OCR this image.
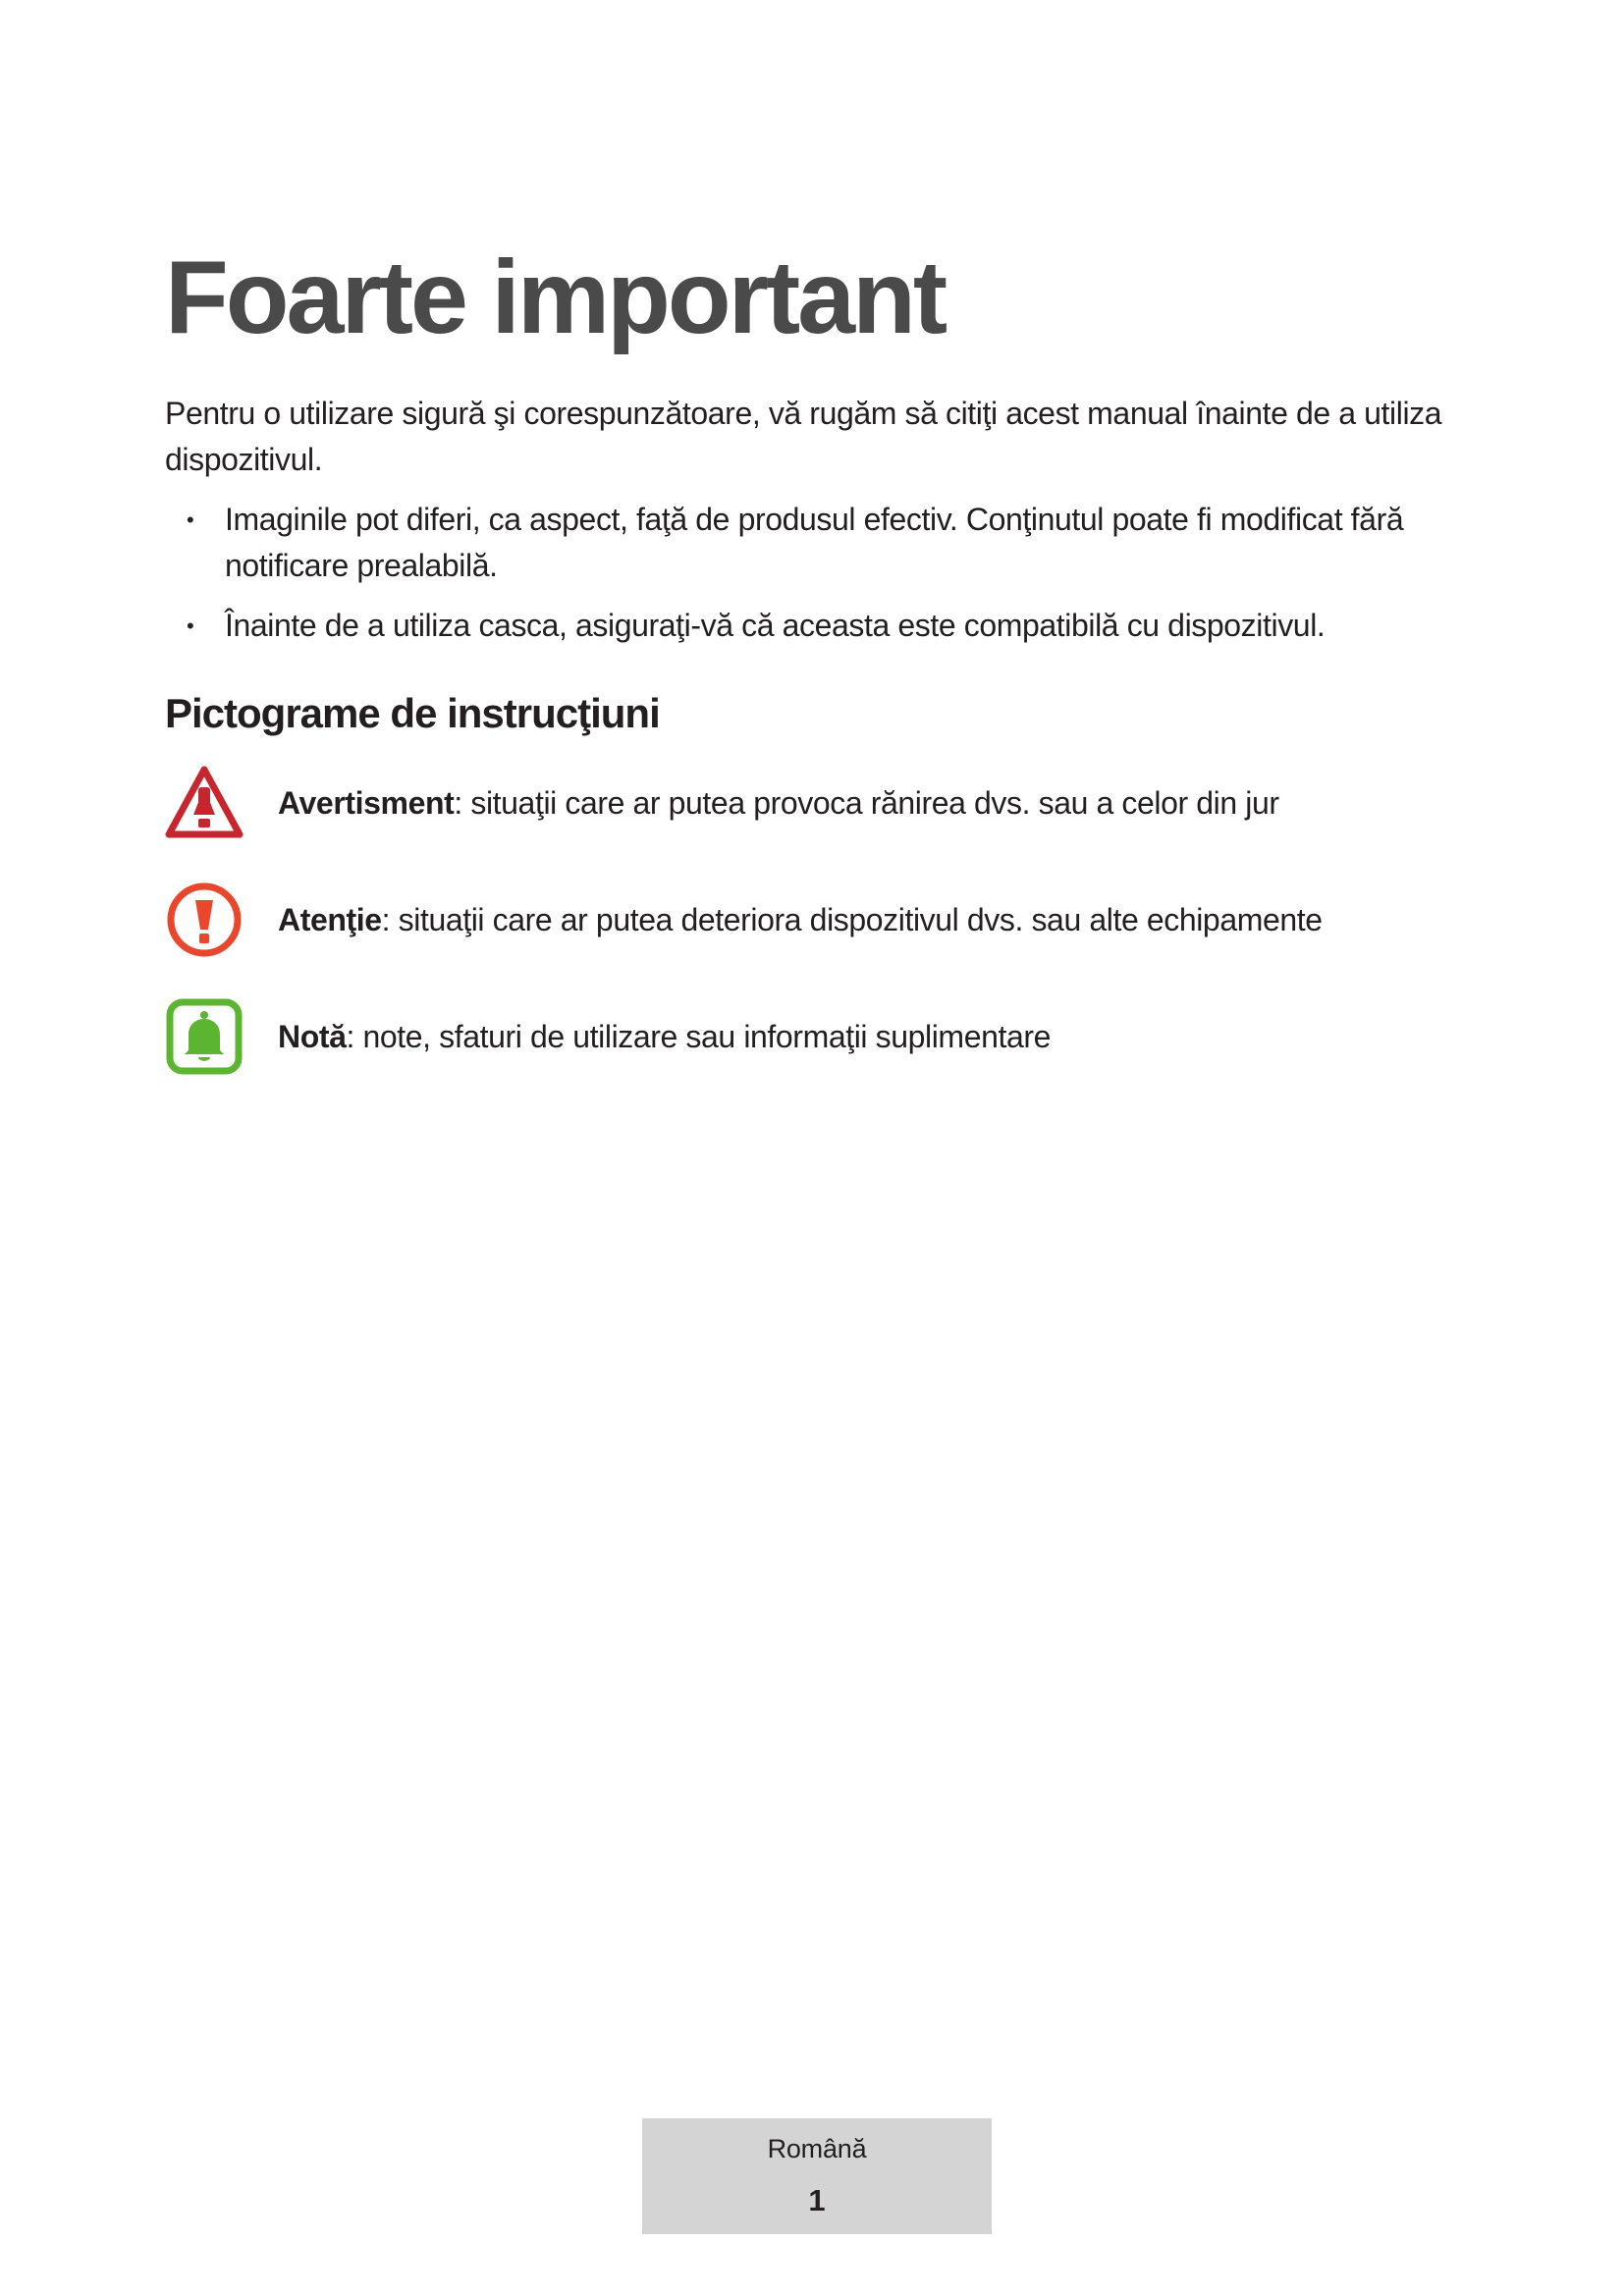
Foarte important

Pentru o utilizare sigură şi corespunzătoare, vă rugăm să citiţi acest manual înainte de a utiliza dispozitivul.

• Imaginile pot diferi, ca aspect, faţă de produsul efectiv. Conţinutul poate fi modificat fără notificare prealabilă.
• Înainte de a utiliza casca, asiguraţi-vă că aceasta este compatibilă cu dispozitivul.
Pictograme de instrucţiuni
Avertisment: situaţii care ar putea provoca rănirea dvs. sau a celor din jur
Atenţie: situaţii care ar putea deteriora dispozitivul dvs. sau alte echipamente
Notă: note, sfaturi de utilizare sau informaţii suplimentare
Română
1
